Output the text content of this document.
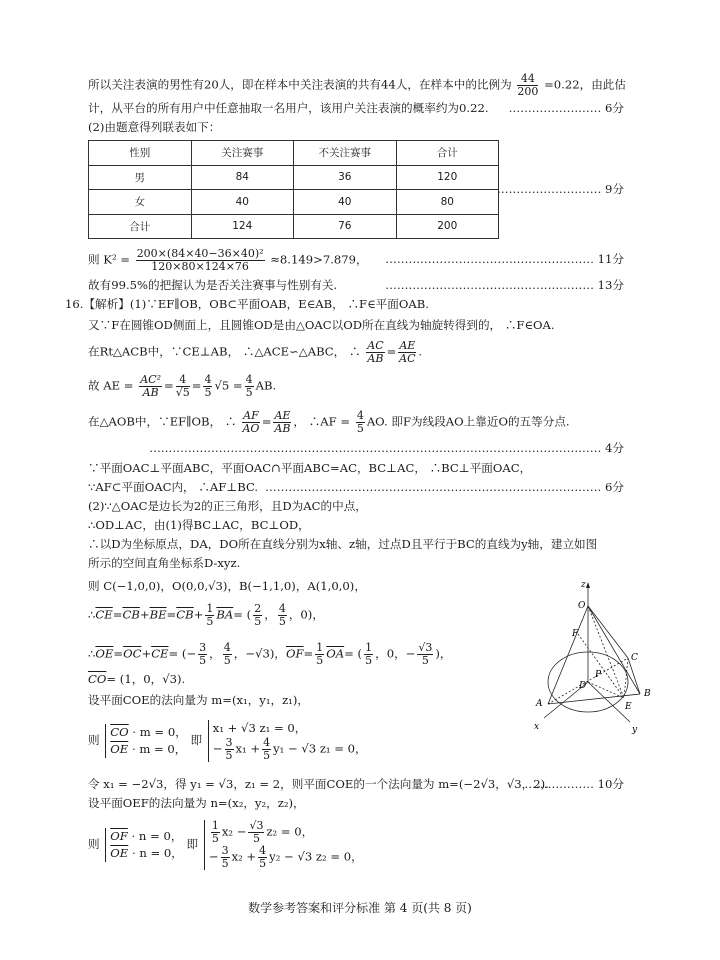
所以关注表演的男性有20人，即在样本中关注表演的共有44人，在样本中的比例为 $\frac{44}{200} =0.22$，由此估
计，从平台的所有用户中任意抽取一名用户，该用户关注表演的概率约为0.22. …………………… 6分
(2)由题意得列联表如下：
性别	关注赛事	不关注赛事	合计
男	84	36	120
女	40	40	80
合计	124	76	200
……………………… 9分
则 $K^2 = \frac{\text{200×(84×40−36×40)²}}{120\times 80\times 124\times 76} \approx 8.149>7.879$， ……………………………………………… 11分
故有99.5%的把握认为是否关注赛事与性别有关.	……………………………………………… 13分
16.【解析】(1)∵EF∥OB，OB⊂平面OAB，E∈AB， ∴F∈平面OAB.
又∵F在圆锥OD侧面上，且圆锥OD是由△OAC以OD所在直线为轴旋转得到的， ∴F∈OA.
在Rt△ACB中，∵CE⊥AB， ∴△ACE∽△ABC， ∴ $\frac{AC}{AB} = \frac{AE}{AC}$ .
故 AE = $\frac{\text{AC²}}{AB} = \frac{4}{√5} = \frac{4}{5} √5 = \frac{4}{5}$ AB.
在△AOB中，∵EF∥OB， ∴ $\frac{AF}{AO} = \frac{AE}{AB}$ ， ∴AF = $\frac{4}{5}$ AO. 即F为线段AO上靠近O的五等分点.
……………………………………………………………………………………………………… 4分
∵平面OAC⊥平面ABC，平面OAC∩平面ABC=AC，BC⊥AC， ∴BC⊥平面OAC，
∵AF⊂平面OAC内， ∴AF⊥BC. …………………………………………………………………………… 6分
(2)∵△OAC是边长为2的正三角形，且D为AC的中点，
∴OD⊥AC，由(1)得BC⊥AC，BC⊥OD，
∴以D为坐标原点，DA，DO所在直线分别为x轴、z轴，过点D且平行于BC的直线为y轴，建立如图
所示的空间直角坐标系D-xyz.
则 C(−1,0,0)，O(0,0,√3)，B(−1,1,0)，A(1,0,0)，
$\therefore\overline{CE}=\overline{CB}+\overline{BE}=\overline{CB}+ \frac{1}{5} \overline{BA}=$ ( $\frac{2}{5}$ ， $\frac{4}{5}$ ，0)，
$\therefore\overline{OE}=\overline{OC}+\overline{CE}=$ (− $\frac{3}{5}$ ， $\frac{4}{5}$ ，−√3)，$\overline{OF}= \frac{1}{5} \overline{OA}=$ ( $\frac{1}{5}$ ，0，− $\frac{√3}{5}$ )，
$\overline{CO}= (1$，0，√3).
设平面COE的法向量为 m=(x₁，y₁，z₁)，
则
$\overline{CO} \cdot m = 0$，
$\overline{OE} \cdot m = 0$，
即
x₁ + √3 z₁ = 0，
− $\frac{3}{5} x_1 + \frac{4}{5} y_1 - √3$ z₁ = 0，
令 x₁ = −2√3，得 y₁ = √3，z₁ = 2，则平面COE的一个法向量为 m=(−2√3，√3，2).
……………… 10分
设平面OEF的法向量为 n=(x₂，y₂，z₂)，
则
$\overline{OF} \cdot n = 0$，
$\overline{OE} \cdot n = 0$，
即 $\frac{1}{5} x_2 - \frac{√3}{5} z_2 = 0$，
− $\frac{3}{5} x_2 + \frac{4}{5} y_2 - √3$ z₂ = 0，
z
O
F
C
D
P
B
A	E
x	y
数学参考答案和评分标准 第 4 页(共 8 页)
